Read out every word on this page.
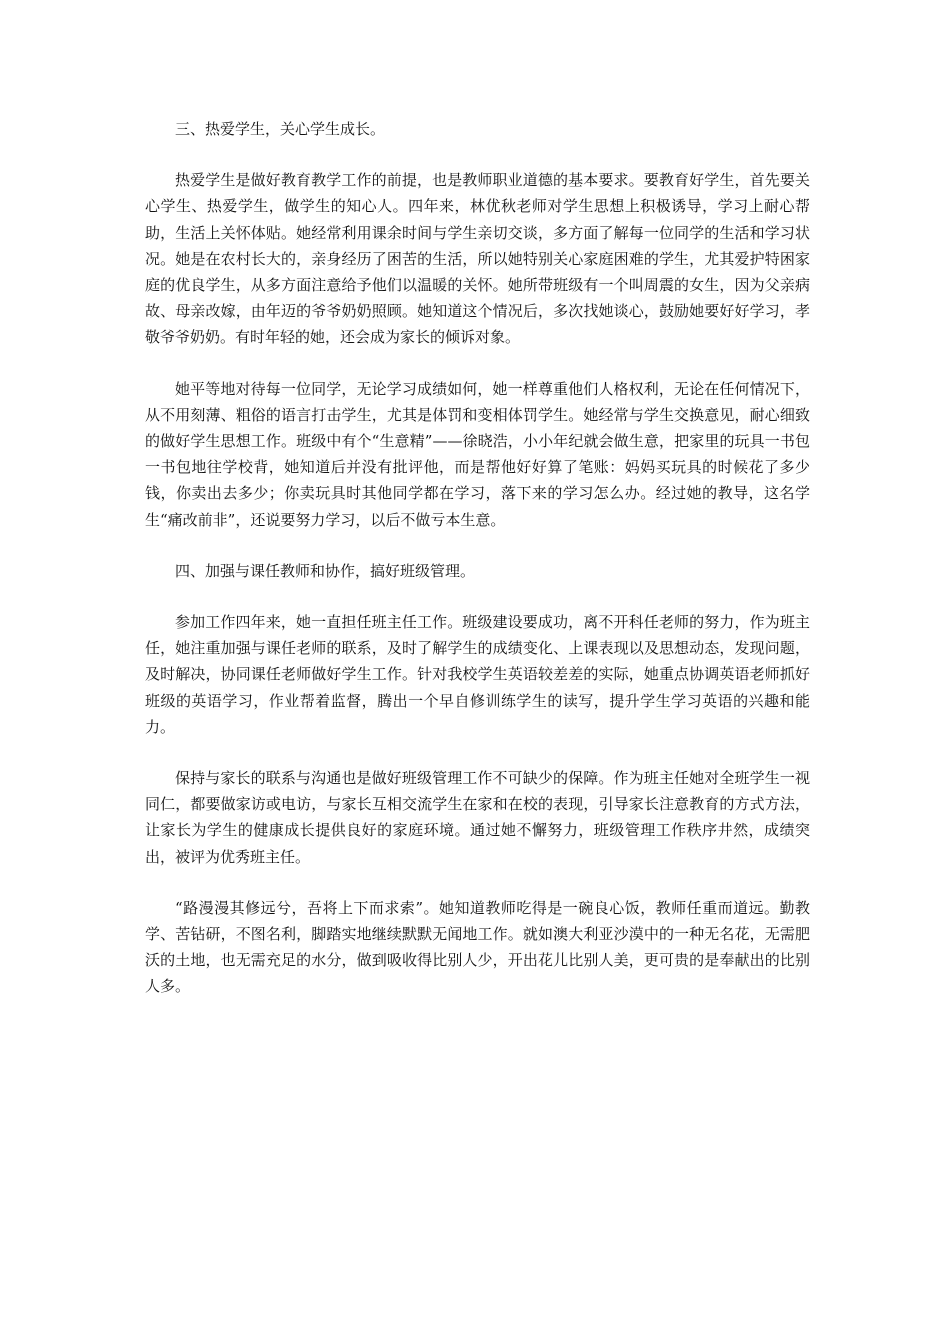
三、热爱学生，关心学生成长。

热爱学生是做好教育教学工作的前提，也是教师职业道德的基本要求。要教育好学生，首先要关心学生、热爱学生，做学生的知心人。四年来，林优秋老师对学生思想上积极诱导，学习上耐心帮助，生活上关怀体贴。她经常利用课余时间与学生亲切交谈，多方面了解每一位同学的生活和学习状况。她是在农村长大的，亲身经历了困苦的生活，所以她特别关心家庭困难的学生，尤其爱护特困家庭的优良学生，从多方面注意给予他们以温暖的关怀。她所带班级有一个叫周震的女生，因为父亲病故、母亲改嫁，由年迈的爷爷奶奶照顾。她知道这个情况后，多次找她谈心，鼓励她要好好学习，孝敬爷爷奶奶。有时年轻的她，还会成为家长的倾诉对象。

她平等地对待每一位同学，无论学习成绩如何，她一样尊重他们人格权利，无论在任何情况下，从不用刻薄、粗俗的语言打击学生，尤其是体罚和变相体罚学生。她经常与学生交换意见，耐心细致的做好学生思想工作。班级中有个“生意精”——徐晓浩，小小年纪就会做生意，把家里的玩具一书包一书包地往学校背，她知道后并没有批评他，而是帮他好好算了笔账：妈妈买玩具的时候花了多少钱，你卖出去多少；你卖玩具时其他同学都在学习，落下来的学习怎么办。经过她的教导，这名学生“痛改前非”，还说要努力学习，以后不做亏本生意。

四、加强与课任教师和协作，搞好班级管理。

参加工作四年来，她一直担任班主任工作。班级建设要成功，离不开科任老师的努力，作为班主任，她注重加强与课任老师的联系，及时了解学生的成绩变化、上课表现以及思想动态，发现问题，及时解决，协同课任老师做好学生工作。针对我校学生英语较差差的实际，她重点协调英语老师抓好班级的英语学习，作业帮着监督，腾出一个早自修训练学生的读写，提升学生学习英语的兴趣和能力。

保持与家长的联系与沟通也是做好班级管理工作不可缺少的保障。作为班主任她对全班学生一视同仁，都要做家访或电访，与家长互相交流学生在家和在校的表现，引导家长注意教育的方式方法，让家长为学生的健康成长提供良好的家庭环境。通过她不懈努力，班级管理工作秩序井然，成绩突出，被评为优秀班主任。

“路漫漫其修远兮，吾将上下而求索”。她知道教师吃得是一碗良心饭，教师任重而道远。勤教学、苦钻研，不图名利，脚踏实地继续默默无闻地工作。就如澳大利亚沙漠中的一种无名花，无需肥沃的土地，也无需充足的水分，做到吸收得比别人少，开出花儿比别人美，更可贵的是奉献出的比别人多。
